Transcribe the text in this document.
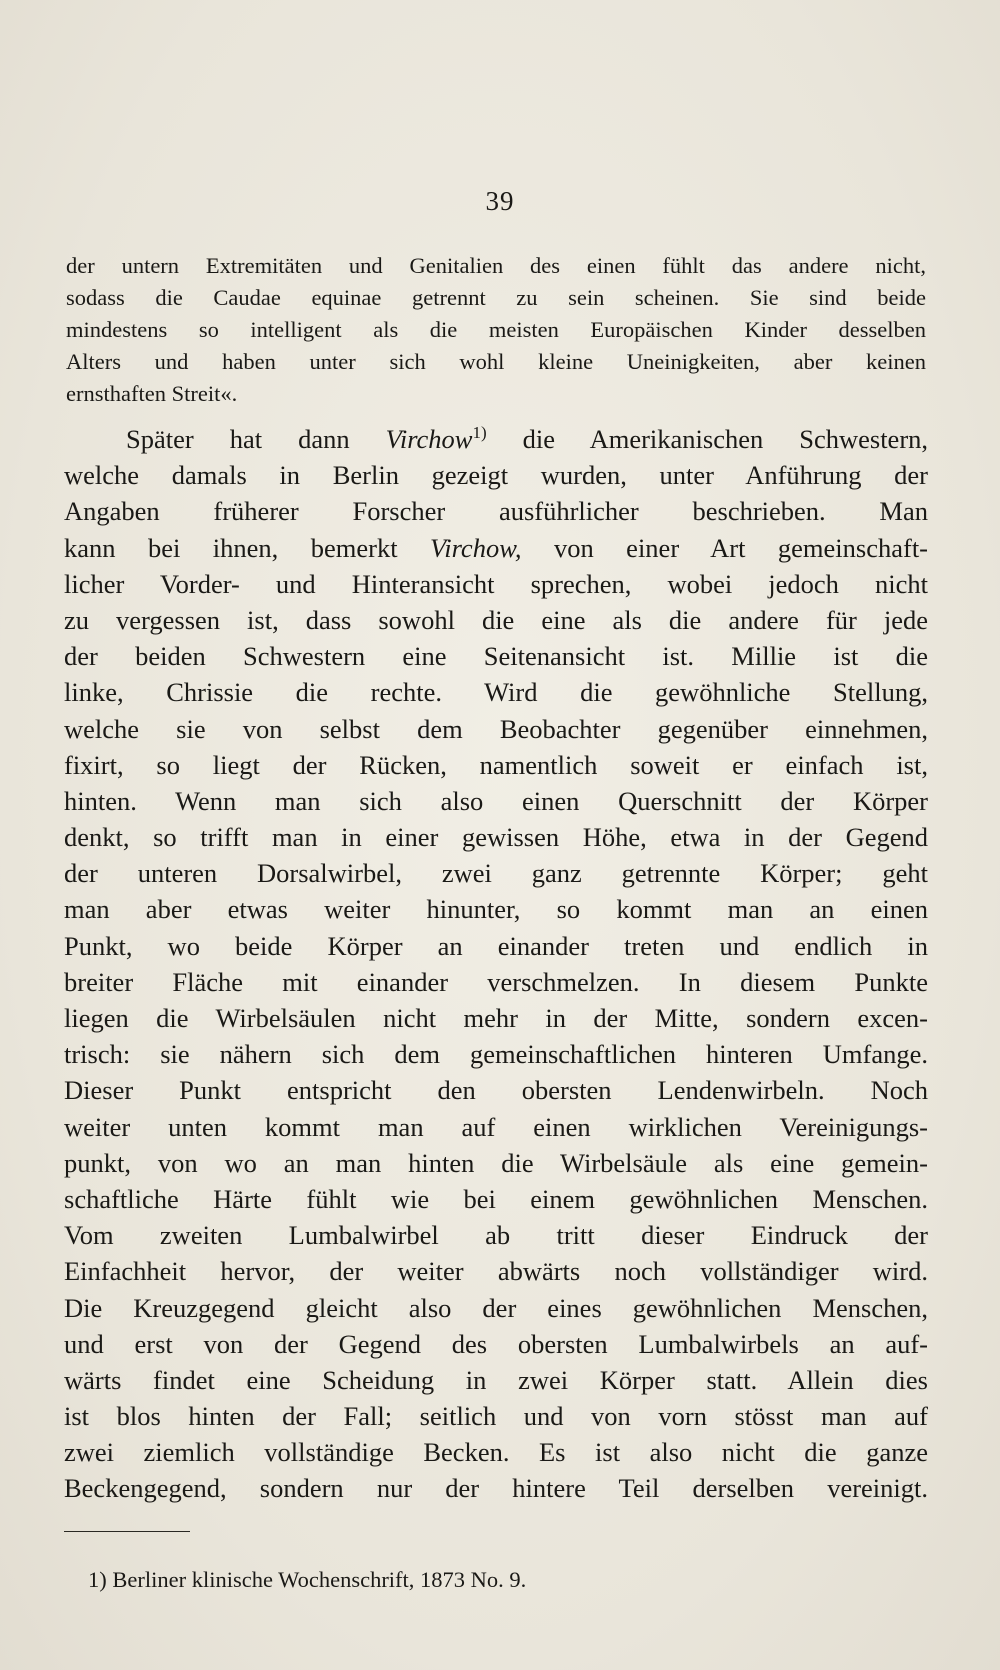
39
der untern Extremitäten und Genitalien des einen fühlt das andere nicht,
sodass die Caudae equinae getrennt zu sein scheinen. Sie sind beide
mindestens so intelligent als die meisten Europäischen Kinder desselben
Alters und haben unter sich wohl kleine Uneinigkeiten, aber keinen
ernsthaften Streit«.
Später hat dann Virchow$^{1)}$ die Amerikanischen Schwestern,
welche damals in Berlin gezeigt wurden, unter Anführung der
Angaben früherer Forscher ausführlicher beschrieben. Man
kann bei ihnen, bemerkt Virchow, von einer Art gemeinschaft-
licher Vorder- und Hinteransicht sprechen, wobei jedoch nicht
zu vergessen ist, dass sowohl die eine als die andere für jede
der beiden Schwestern eine Seitenansicht ist. Millie ist die
linke, Chrissie die rechte. Wird die gewöhnliche Stellung,
welche sie von selbst dem Beobachter gegenüber einnehmen,
fixirt, so liegt der Rücken, namentlich soweit er einfach ist,
hinten. Wenn man sich also einen Querschnitt der Körper
denkt, so trifft man in einer gewissen Höhe, etwa in der Gegend
der unteren Dorsalwirbel, zwei ganz getrennte Körper; geht
man aber etwas weiter hinunter, so kommt man an einen
Punkt, wo beide Körper an einander treten und endlich in
breiter Fläche mit einander verschmelzen. In diesem Punkte
liegen die Wirbelsäulen nicht mehr in der Mitte, sondern excen-
trisch: sie nähern sich dem gemeinschaftlichen hinteren Umfange.
Dieser Punkt entspricht den obersten Lendenwirbeln. Noch
weiter unten kommt man auf einen wirklichen Vereinigungs-
punkt, von wo an man hinten die Wirbelsäule als eine gemein-
schaftliche Härte fühlt wie bei einem gewöhnlichen Menschen.
Vom zweiten Lumbalwirbel ab tritt dieser Eindruck der
Einfachheit hervor, der weiter abwärts noch vollständiger wird.
Die Kreuzgegend gleicht also der eines gewöhnlichen Menschen,
und erst von der Gegend des obersten Lumbalwirbels an auf-
wärts findet eine Scheidung in zwei Körper statt. Allein dies
ist blos hinten der Fall; seitlich und von vorn stösst man auf
zwei ziemlich vollständige Becken. Es ist also nicht die ganze
Beckengegend, sondern nur der hintere Teil derselben vereinigt.
1) Berliner klinische Wochenschrift, 1873 No. 9.
